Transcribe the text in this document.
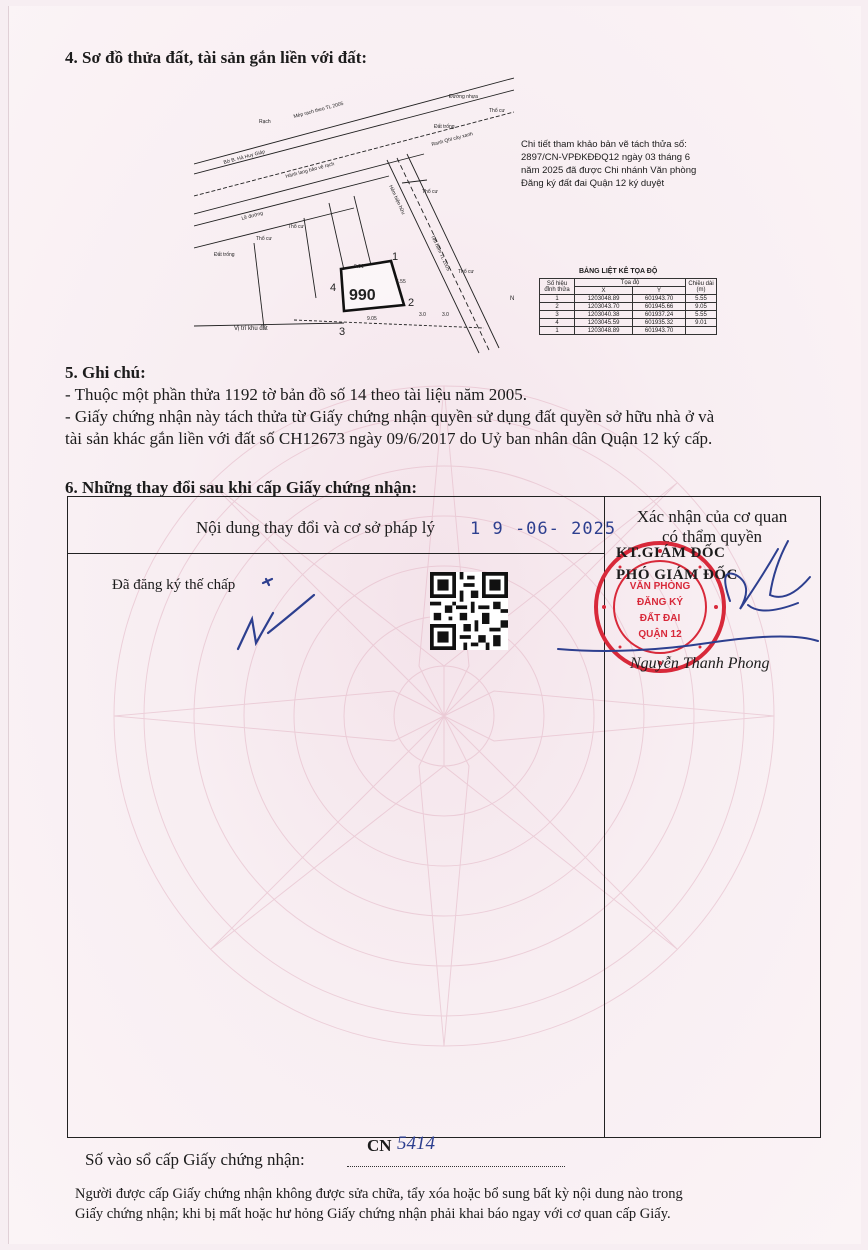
4. Sơ đồ thửa đất, tài sản gắn liền với đất:
990
1
2
3
4
9.01
5.55
9.05
3.0	3.0
Rạch
Mép rạch theo TL 2005
Đường nhựa
Bờ B. Hà Huy Giáp
Hành lang bảo vệ rạch
Đất trống
Ranh Qhl cây xanh
Thổ cư
Lề đường
Vị trí khu đất
Hẻm hiện hữu
Tim hẻm TL 2005
Thổ cư
Đất trống
Thổ cư
Thổ cư
Thổ cư
N
Chi tiết tham khảo bản vẽ tách thửa số: 2897/CN-VPĐKĐĐQ12 ngày 03 tháng 6 năm 2025 đã được Chi nhánh Văn phòng Đăng ký đất đai Quận 12 ký duyệt
BẢNG LIỆT KÊ TỌA ĐỘ
Số hiệu đỉnh thửa	Tọa độ		Chiều dài (m)
	X	Y	
1	1203048.89	601943.70	5.55
2	1203043.70	601945.66	9.05
3	1203040.38	601937.24	5.55
4	1203045.59	601935.32	9.01
1	1203048.89	601943.70	
5. Ghi chú:
- Thuộc một phần thửa 1192 tờ bản đồ số 14 theo tài liệu năm 2005.
- Giấy chứng nhận này tách thửa từ Giấy chứng nhận quyền sử dụng đất quyền sở hữu nhà ở và
tài sản khác gắn liền với đất số CH12673 ngày 09/6/2017 do Uỷ ban nhân dân Quận 12 ký cấp.
6. Những thay đổi sau khi cấp Giấy chứng nhận:
Nội dung thay đổi và cơ sở pháp lý 1 9 -06- 2025
Xác nhận của cơ quan
có thẩm quyền
Đã đăng ký thế chấp	VĂN PHÒNG
ĐĂNG KÝ
ĐẤT ĐAI
QUẬN 12
KT.GIÁM ĐỐC
PHÓ GIÁM ĐỐC
Nguyễn Thanh Phong
Số vào sổ cấp Giấy chứng nhận:
CN 5414
Người được cấp Giấy chứng nhận không được sửa chữa, tẩy xóa hoặc bổ sung bất kỳ nội dung nào trong
Giấy chứng nhận; khi bị mất hoặc hư hỏng Giấy chứng nhận phải khai báo ngay với cơ quan cấp Giấy.
